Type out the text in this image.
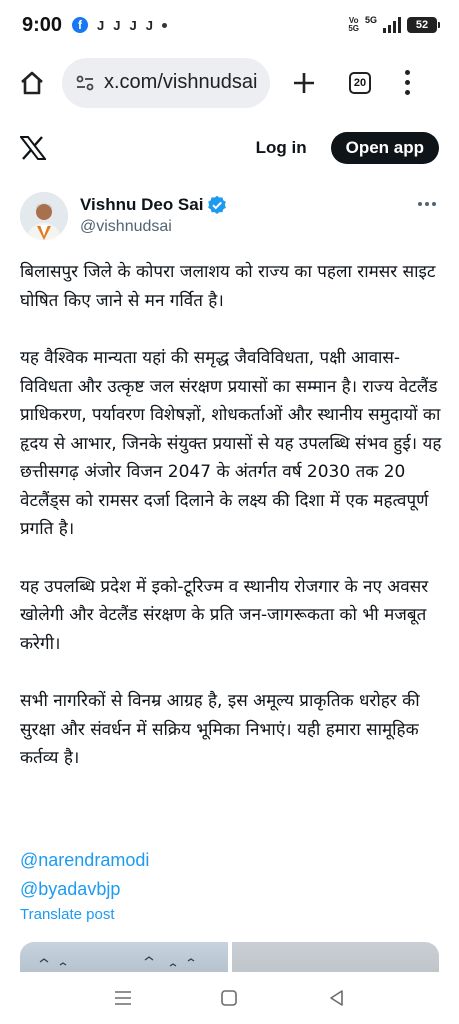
9:00	f	J J J J	Vo
5G
5G	52
x.com/vishnudsai	20
Log in	Open app
Vishnu Deo Sai
@vishnudsai

बिलासपुर जिले के कोपरा जलाशय को राज्य का पहला रामसर साइट घोषित किए जाने से मन गर्वित है।

यह वैश्विक मान्यता यहां की समृद्ध जैवविविधता, पक्षी आवास-विविधता और उत्कृष्ट जल संरक्षण प्रयासों का सम्मान है। राज्य वेटलैंड प्राधिकरण, पर्यावरण विशेषज्ञों, शोधकर्ताओं और स्थानीय समुदायों का हृदय से आभार, जिनके संयुक्त प्रयासों से यह उपलब्धि संभव हुई। यह छत्तीसगढ़ अंजोर विजन 2047 के अंतर्गत वर्ष 2030 तक 20 वेटलैंड्स को रामसर दर्जा दिलाने के लक्ष्य की दिशा में एक महत्वपूर्ण प्रगति है।

यह उपलब्धि प्रदेश में इको-टूरिज्म व स्थानीय रोजगार के नए अवसर खोलेगी और वेटलैंड संरक्षण के प्रति जन-जागरूकता को भी मजबूत करेगी।

सभी नागरिकों से विनम्र आग्रह है, इस अमूल्य प्राकृतिक धरोहर की सुरक्षा और संवर्धन में सक्रिय भूमिका निभाएं। यही हमारा सामूहिक कर्तव्य है।

@narendramodi
@byadavbjp
Translate post
